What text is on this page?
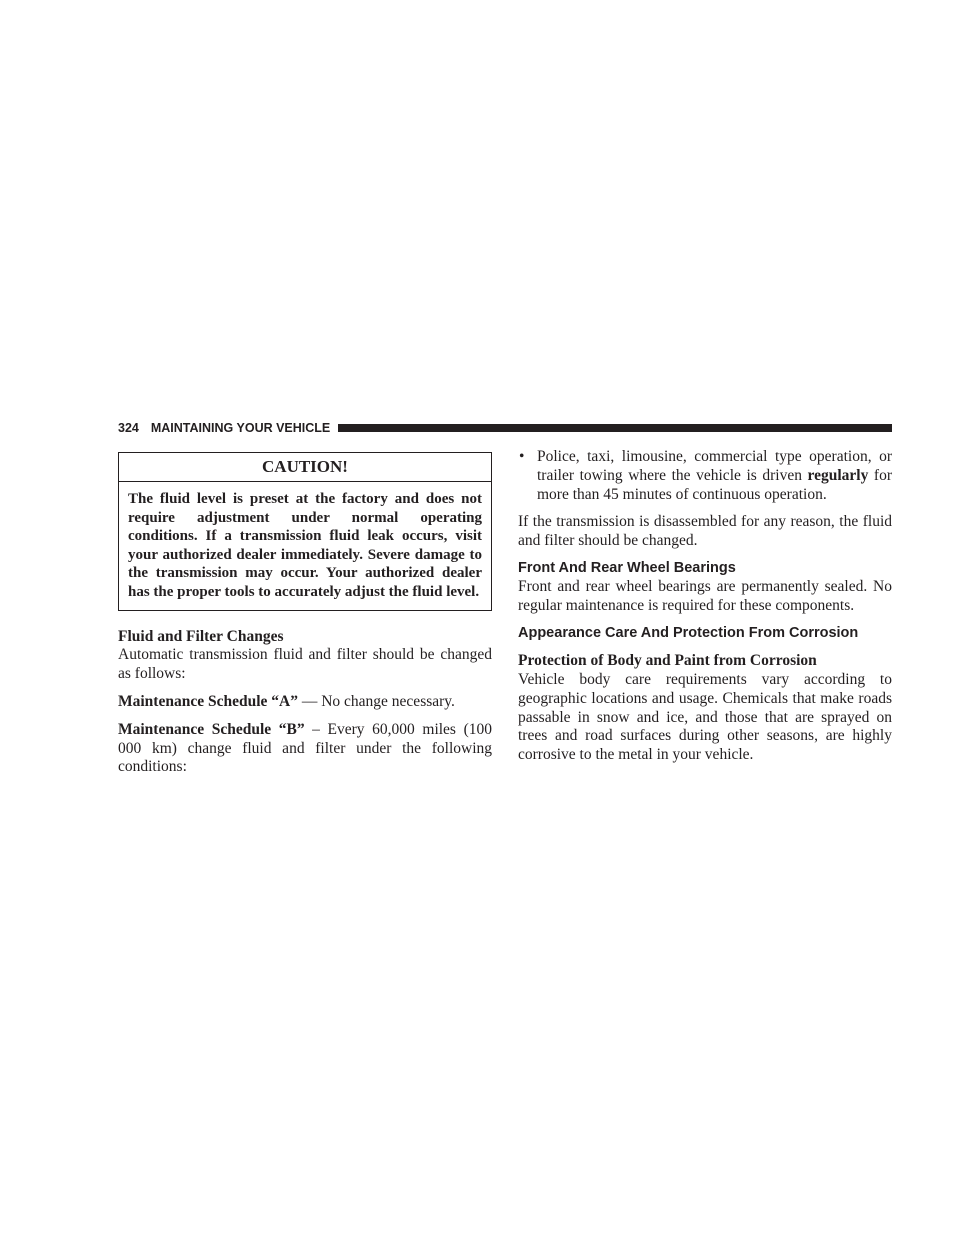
324 MAINTAINING YOUR VEHICLE
CAUTION!
The fluid level is preset at the factory and does not require adjustment under normal operating conditions. If a transmission fluid leak occurs, visit your authorized dealer immediately. Severe damage to the transmission may occur. Your authorized dealer has the proper tools to accurately adjust the fluid level.
Fluid and Filter Changes

Automatic transmission fluid and filter should be changed as follows:

Maintenance Schedule “A” — No change necessary.

Maintenance Schedule “B” – Every 60,000 miles (100 000 km) change fluid and filter under the following conditions:

• Police, taxi, limousine, commercial type operation, or trailer towing where the vehicle is driven regularly for more than 45 minutes of continuous operation.

If the transmission is disassembled for any reason, the fluid and filter should be changed.

Front And Rear Wheel Bearings

Front and rear wheel bearings are permanently sealed. No regular maintenance is required for these components.

Appearance Care And Protection From Corrosion
Protection of Body and Paint from Corrosion

Vehicle body care requirements vary according to geographic locations and usage. Chemicals that make roads passable in snow and ice, and those that are sprayed on trees and road surfaces during other seasons, are highly corrosive to the metal in your vehicle.
